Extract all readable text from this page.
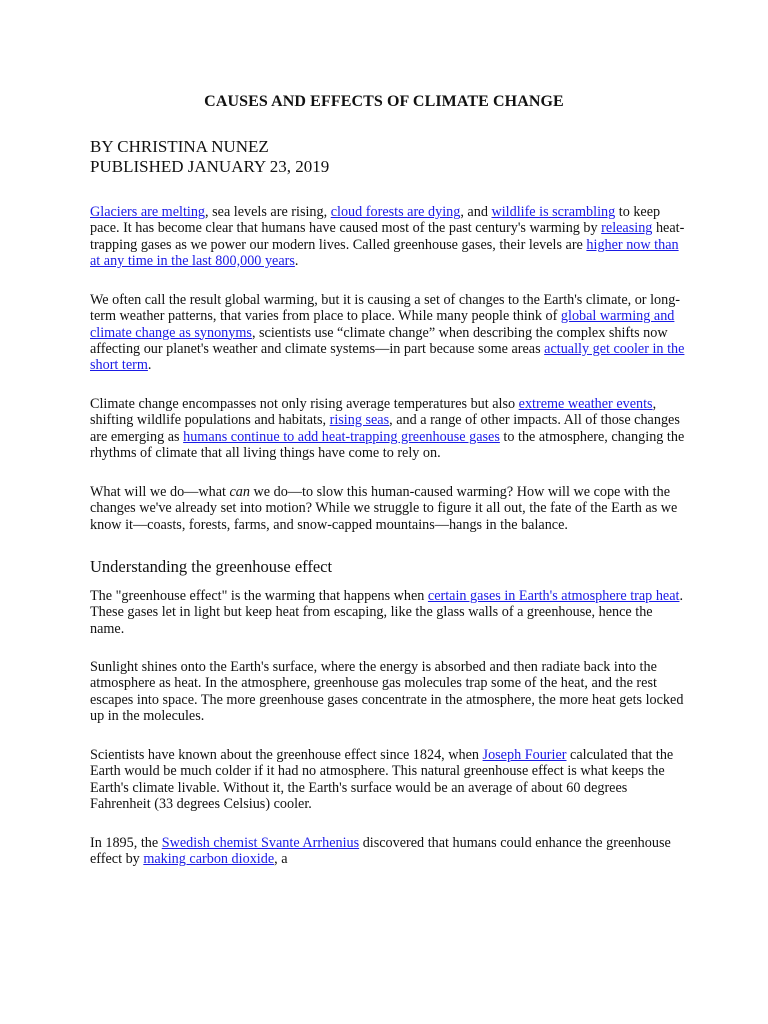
CAUSES AND EFFECTS OF CLIMATE CHANGE

BY CHRISTINA NUNEZ

PUBLISHED JANUARY 23, 2019

Glaciers are melting, sea levels are rising, cloud forests are dying, and wildlife is scrambling to keep pace. It has become clear that humans have caused most of the past century's warming by releasing heat-trapping gases as we power our modern lives. Called greenhouse gases, their levels are higher now than at any time in the last 800,000 years.

We often call the result global warming, but it is causing a set of changes to the Earth's climate, or long-term weather patterns, that varies from place to place. While many people think of global warming and climate change as synonyms, scientists use “climate change” when describing the complex shifts now affecting our planet's weather and climate systems—in part because some areas actually get cooler in the short term.

Climate change encompasses not only rising average temperatures but also extreme weather events, shifting wildlife populations and habitats, rising seas, and a range of other impacts. All of those changes are emerging as humans continue to add heat-trapping greenhouse gases to the atmosphere, changing the rhythms of climate that all living things have come to rely on.

What will we do—what can we do—to slow this human-caused warming? How will we cope with the changes we've already set into motion? While we struggle to figure it all out, the fate of the Earth as we know it—coasts, forests, farms, and snow-capped mountains—hangs in the balance.

Understanding the greenhouse effect

The "greenhouse effect" is the warming that happens when certain gases in Earth's atmosphere trap heat. These gases let in light but keep heat from escaping, like the glass walls of a greenhouse, hence the name.

Sunlight shines onto the Earth's surface, where the energy is absorbed and then radiate back into the atmosphere as heat. In the atmosphere, greenhouse gas molecules trap some of the heat, and the rest escapes into space. The more greenhouse gases concentrate in the atmosphere, the more heat gets locked up in the molecules.

Scientists have known about the greenhouse effect since 1824, when Joseph Fourier calculated that the Earth would be much colder if it had no atmosphere. This natural greenhouse effect is what keeps the Earth's climate livable. Without it, the Earth's surface would be an average of about 60 degrees Fahrenheit (33 degrees Celsius) cooler.

In 1895, the Swedish chemist Svante Arrhenius discovered that humans could enhance the greenhouse effect by making carbon dioxide, a
